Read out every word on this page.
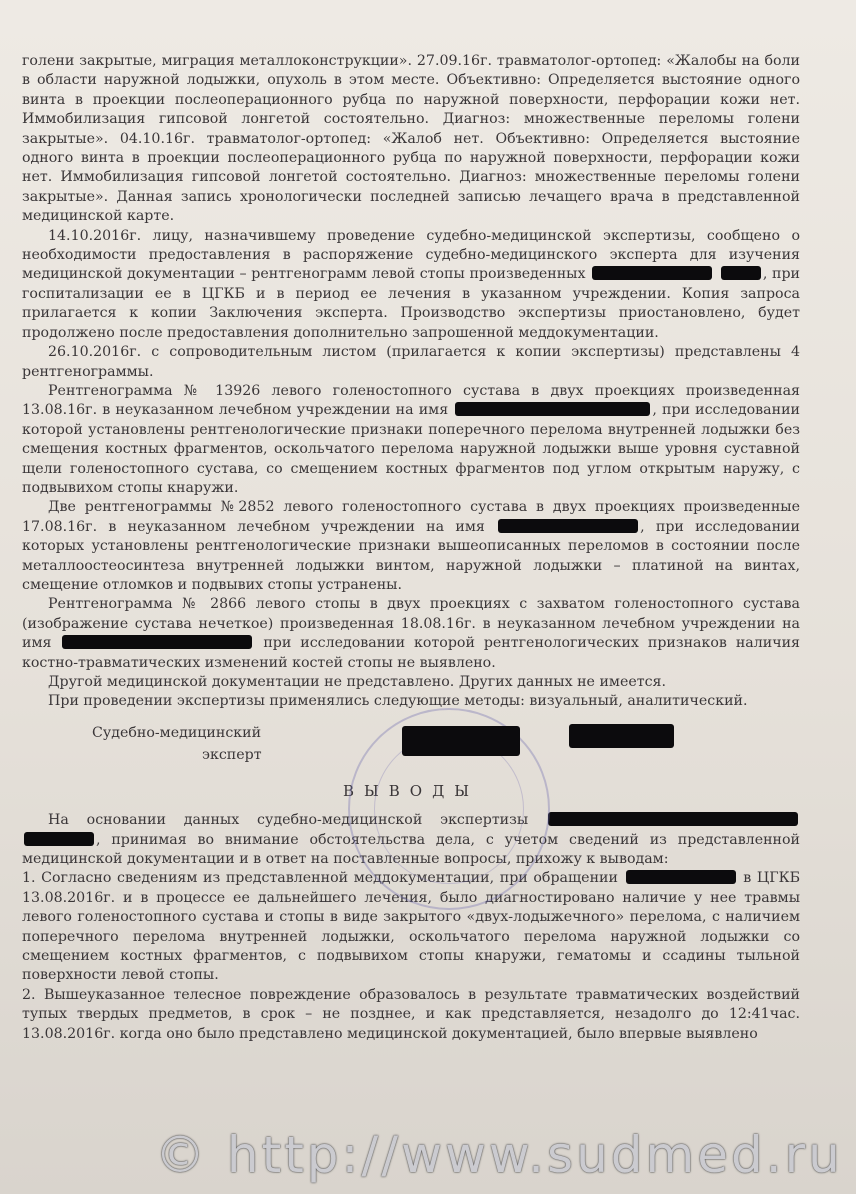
голени закрытые, миграция металлоконструкции». 27.09.16г. травматолог-ортопед: «Жалобы на боли в области наружной лодыжки, опухоль в этом месте. Объективно: Определяется выстояние одного винта в проекции послеоперационного рубца по наружной поверхности, перфорации кожи нет. Иммобилизация гипсовой лонгетой состоятельно. Диагноз: множественные переломы голени закрытые». 04.10.16г. травматолог-ортопед: «Жалоб нет. Объективно: Определяется выстояние одного винта в проекции послеоперационного рубца по наружной поверхности, перфорации кожи нет. Иммобилизация гипсовой лонгетой состоятельно. Диагноз: множественные переломы голени закрытые». Данная запись хронологически последней записью лечащего врача в представленной медицинской карте.

14.10.2016г. лицу, назначившему проведение судебно-медицинской экспертизы, сообщено о необходимости предоставления в распоряжение судебно-медицинского эксперта для изучения медицинской документации – рентгенограмм левой стопы произведенных	, при госпитализации ее в ЦГКБ и в период ее лечения в указанном учреждении. Копия запроса прилагается к копии Заключения эксперта. Производство экспертизы приостановлено, будет продолжено после предоставления дополнительно запрошенной меддокументации.

26.10.2016г. с сопроводительным листом (прилагается к копии экспертизы) представлены 4 рентгенограммы.

Рентгенограмма № 13926 левого голеностопного сустава в двух проекциях произведенная 13.08.16г. в неуказанном лечебном учреждении на имя	, при исследовании которой установлены рентгенологические признаки поперечного перелома внутренней лодыжки без смещения костных фрагментов, оскольчатого перелома наружной лодыжки выше уровня суставной щели голеностопного сустава, со смещением костных фрагментов под углом открытым наружу, с подвывихом стопы кнаружи.

Две рентгенограммы №2852 левого голеностопного сустава в двух проекциях произведенные 17.08.16г. в неуказанном лечебном учреждении на имя	, при исследовании которых установлены рентгенологические признаки вышеописанных переломов в состоянии после металлоостеосинтеза внутренней лодыжки винтом, наружной лодыжки – платиной на винтах, смещение отломков и подвывих стопы устранены.

Рентгенограмма № 2866 левого стопы в двух проекциях с захватом голеностопного сустава (изображение сустава нечеткое) произведенная 18.08.16г. в неуказанном лечебном учреждении на имя	при исследовании которой рентгенологических признаков наличия костно-травматических изменений костей стопы не выявлено.

Другой медицинской документации не представлено. Других данных не имеется.

При проведении экспертизы применялись следующие методы: визуальный, аналитический.

Судебно-медицинский
эксперт
ВЫВОДЫ

На основании данных судебно-медицинской экспертизы  , принимая во внимание обстоятельства дела, с учетом сведений из представленной медицинской документации и в ответ на поставленные вопросы, прихожу к выводам:

1. Согласно сведениям из представленной меддокументации, при обращении	в ЦГКБ 13.08.2016г. и в процессе ее дальнейшего лечения, было диагностировано наличие у нее травмы левого голеностопного сустава и стопы в виде закрытого «двух-лодыжечного» перелома, с наличием поперечного перелома внутренней лодыжки, оскольчатого перелома наружной лодыжки со смещением костных фрагментов, с подвывихом стопы кнаружи, гематомы и ссадины тыльной поверхности левой стопы.

2. Вышеуказанное телесное повреждение образовалось в результате травматических воздействий тупых твердых предметов, в срок – не позднее, и как представляется, незадолго до 12:41час. 13.08.2016г. когда оно было представлено медицинской документацией, было впервые выявлено

© http://www.sudmed.ru
